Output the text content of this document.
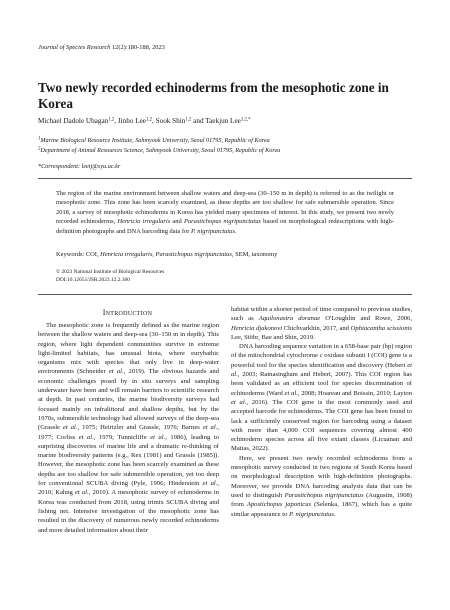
Journal of Species Research 12(2):180-188, 2023
Two newly recorded echinoderms from the mesophotic zone in Korea
Michael Dadole Ubagan$^{1,2}$, Jinho Lee$^{1,2}$, Sook Shin$^{1,2}$ and Taekjun Lee$^{1,2,*}$
$^1$Marine Biological Resource Institute, Sahmyook University, Seoul 01795, Republic of Korea
$^2$Department of Animal Resources Science, Sahmyook University, Seoul 01795, Republic of Korea
*Correspondent: leetj@syu.ac.kr

The region of the marine environment between shallow waters and deep-sea (30–150 m in depth) is referred to as the twilight or mesophotic zone. This zone has been scarcely examined, as these depths are too shallow for safe submersible operation. Since 2018, a survey of mesophotic echinoderms in Korea has yielded many specimens of interest. In this study, we present two newly recorded echinoderms, Henricia irregularis and Parastichopus nigripunctatus based on morphological redescriptions with high-definition photographs and DNA barcoding data for P. nigripunctatus.

Keywords: COI, Henricia irregularis, Parastichopus nigripunctatus, SEM, taxonomy
© 2023 National Institute of Biological Resources
DOI:10.12651/JSR.2023.12.2.180
Introduction

The mesophotic zone is frequently defined as the marine region between the shallow waters and deep-sea (30–150 m in depth). This region, where light dependent communities survive in extreme light-limited habitats, has unusual biota, where eurybathic organisms mix with species that only live in deep-water environments (Schneider et al., 2019). The obvious hazards and economic challenges posed by in situ surveys and sampling underwater have been and will remain barriers to scientific research at depth. In past centuries, the marine biodiversity surveys had focused mainly on infralittoral and shallow depths, but by the 1970s, submersible technology had allowed surveys of the deep-sea (Grassle et al., 1975; Heirtzler and Grassle, 1976; Barnes et al., 1977; Corliss et al., 1979; Tunnicliffe et al., 1986), leading to surprising discoveries of marine life and a dramatic re-thinking of marine biodiversity patterns (e.g., Rex (1981) and Grassle (1985)). However, the mesophotic zone has been scarcely examined as these depths are too shallow for safe submersible operation, yet too deep for conventional SCUBA diving (Pyle, 1996; Hinderstein et al., 2010; Kahng et al., 2010). A mesophotic survey of echinoderms in Korea was conducted from 2018, using trimix SCUBA diving and fishing net. Intensive investigation of the mesophotic zone has resulted in the discovery of numerous newly recorded echinoderms and more detailed information about their

habitat within a shorter period of time compared to previous studies, such as Aquilonastra doranae O'Loughlin and Rowe, 2006, Henricia djakonovi Chichvarkhin, 2017, and Ophiacantha scissionis Lee, Stöhr, Bae and Shin, 2019.

DNA barcoding sequence variation in a 658-base pair (bp) region of the mitochondrial cytochrome c oxidase subunit I (COI) gene is a powerful tool for the species identification and discovery (Hebert et al., 2003; Ratnasingham and Hebert, 2007). This COI region has been validated as an efficient tool for species discrimination of echinoderms (Ward et al., 2008; Hoareau and Boissin, 2010; Layton et al., 2016). The COI gene is the most commonly used and accepted barcode for echinoderms. The COI gene has been found to lack a sufficiently conserved region for barcoding using a dataset with more than 4,000 COI sequences covering almost 400 echinoderm species across all five extant classes (Licuanan and Matias, 2022).

Here, we present two newly recorded echinoderms from a mesophotic survey conducted in two regions of South Korea based on morphological description with high-definition photographs. Moreover, we provide DNA barcoding analysis data that can be used to distinguish Parastichopus nigripunctatus (Augustin, 1908) from Apostichopus japonicus (Selenka, 1867), which has a quite similar appearance to P. nigripunctatus.
